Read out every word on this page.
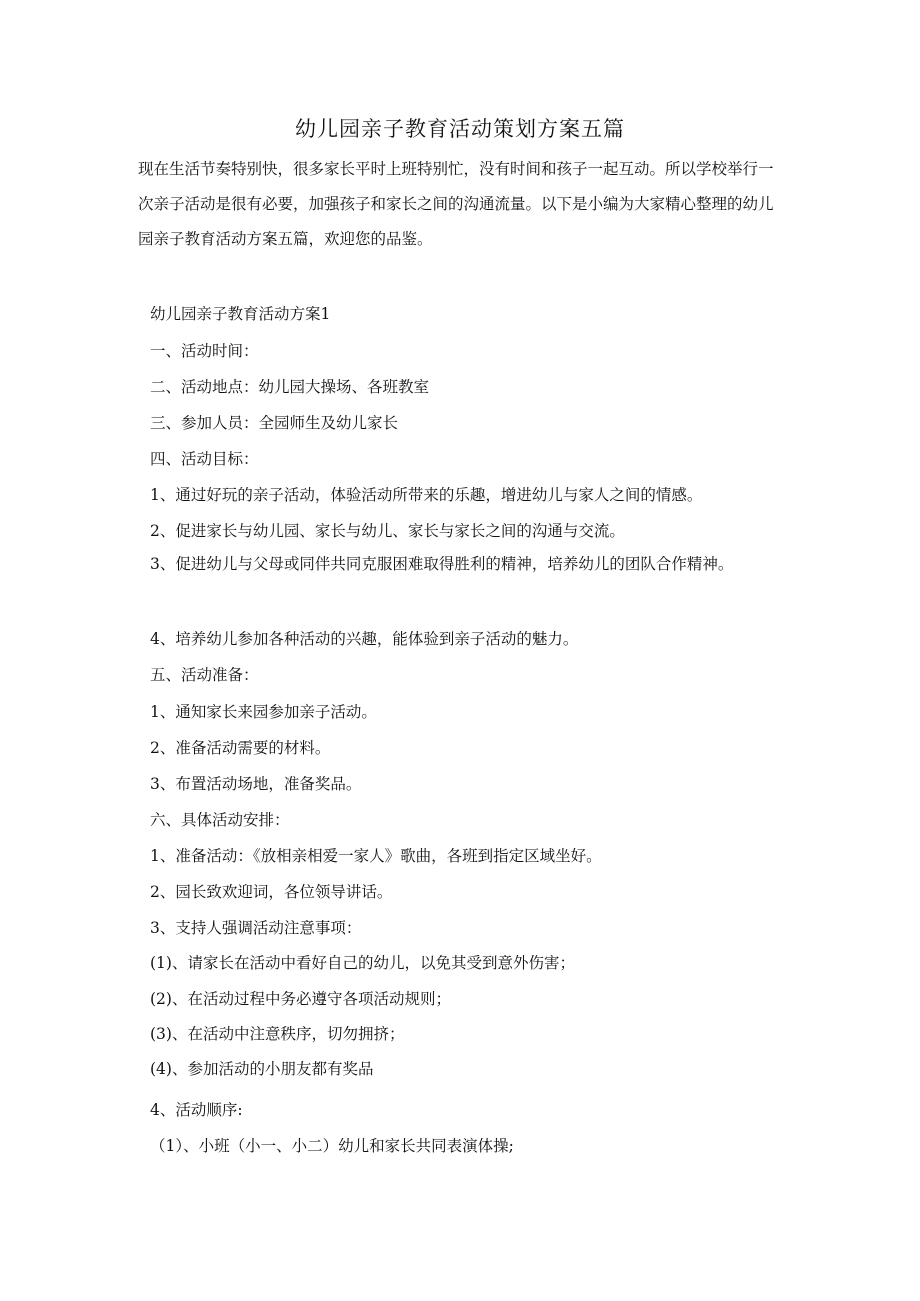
幼儿园亲子教育活动策划方案五篇

现在生活节奏特别快，很多家长平时上班特别忙，没有时间和孩子一起互动。所以学校举行一次亲子活动是很有必要，加强孩子和家长之间的沟通流量。以下是小编为大家精心整理的幼儿园亲子教育活动方案五篇，欢迎您的品鉴。

幼儿园亲子教育活动方案1

一、活动时间：

二、活动地点：幼儿园大操场、各班教室

三、参加人员：全园师生及幼儿家长

四、活动目标：

1、通过好玩的亲子活动，体验活动所带来的乐趣，增进幼儿与家人之间的情感。

2、促进家长与幼儿园、家长与幼儿、家长与家长之间的沟通与交流。

3、促进幼儿与父母或同伴共同克服困难取得胜利的精神，培养幼儿的团队合作精神。

4、培养幼儿参加各种活动的兴趣，能体验到亲子活动的魅力。

五、活动准备：

1、通知家长来园参加亲子活动。

2、准备活动需要的材料。

3、布置活动场地，准备奖品。

六、具体活动安排：

1、准备活动：《放相亲相爱一家人》歌曲，各班到指定区域坐好。

2、园长致欢迎词，各位领导讲话。

3、支持人强调活动注意事项：

(1)、请家长在活动中看好自己的幼儿，以免其受到意外伤害；

(2)、在活动过程中务必遵守各项活动规则；

(3)、在活动中注意秩序，切勿拥挤；

(4)、参加活动的小朋友都有奖品

4、活动顺序:

（1）、小班（小一、小二）幼儿和家长共同表演体操;
